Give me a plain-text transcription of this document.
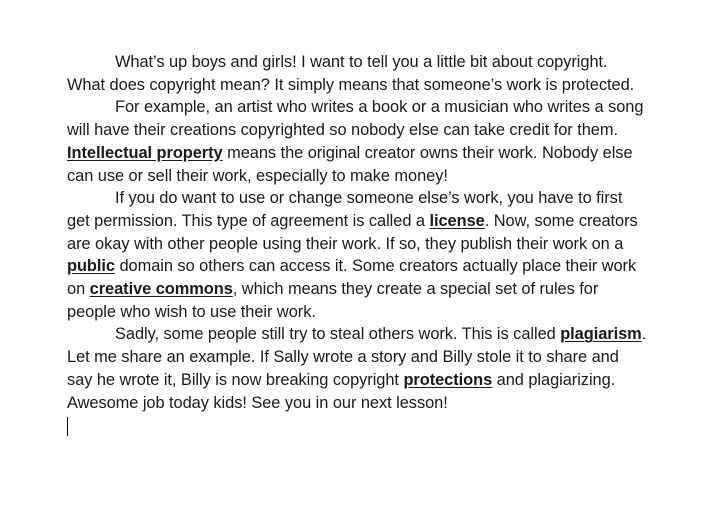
What’s up boys and girls! I want to tell you a little bit about copyright. What does copyright mean? It simply means that someone’s work is protected.

For example, an artist who writes a book or a musician who writes a song will have their creations copyrighted so nobody else can take credit for them. Intellectual property means the original creator owns their work. Nobody else can use or sell their work, especially to make money!

If you do want to use or change someone else’s work, you have to first get permission. This type of agreement is called a license. Now, some creators are okay with other people using their work. If so, they publish their work on a public domain so others can access it. Some creators actually place their work on creative commons, which means they create a special set of rules for people who wish to use their work.

Sadly, some people still try to steal others work. This is called plagiarism. Let me share an example. If Sally wrote a story and Billy stole it to share and say he wrote it, Billy is now breaking copyright protections and plagiarizing. Awesome job today kids! See you in our next lesson!
